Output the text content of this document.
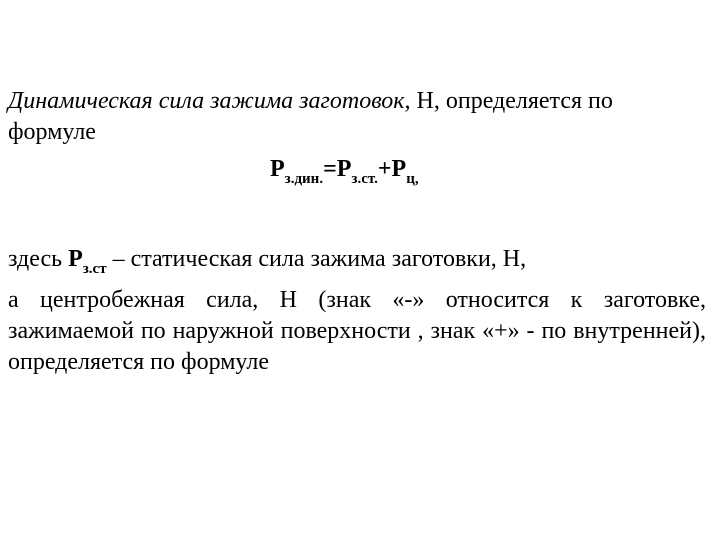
Динамическая сила зажима заготовок, Н, определяется по формуле
$Р_{з.дин.}=Р_{з.ст.}+Р_{ц,}$
здесь $Р_{з.ст}$ – статическая сила зажима заготовки, Н,
а центробежная сила, Н (знак «-» относится к заготовке, зажимаемой по наружной поверхности , знак «+» - по внутренней), определяется по формуле
